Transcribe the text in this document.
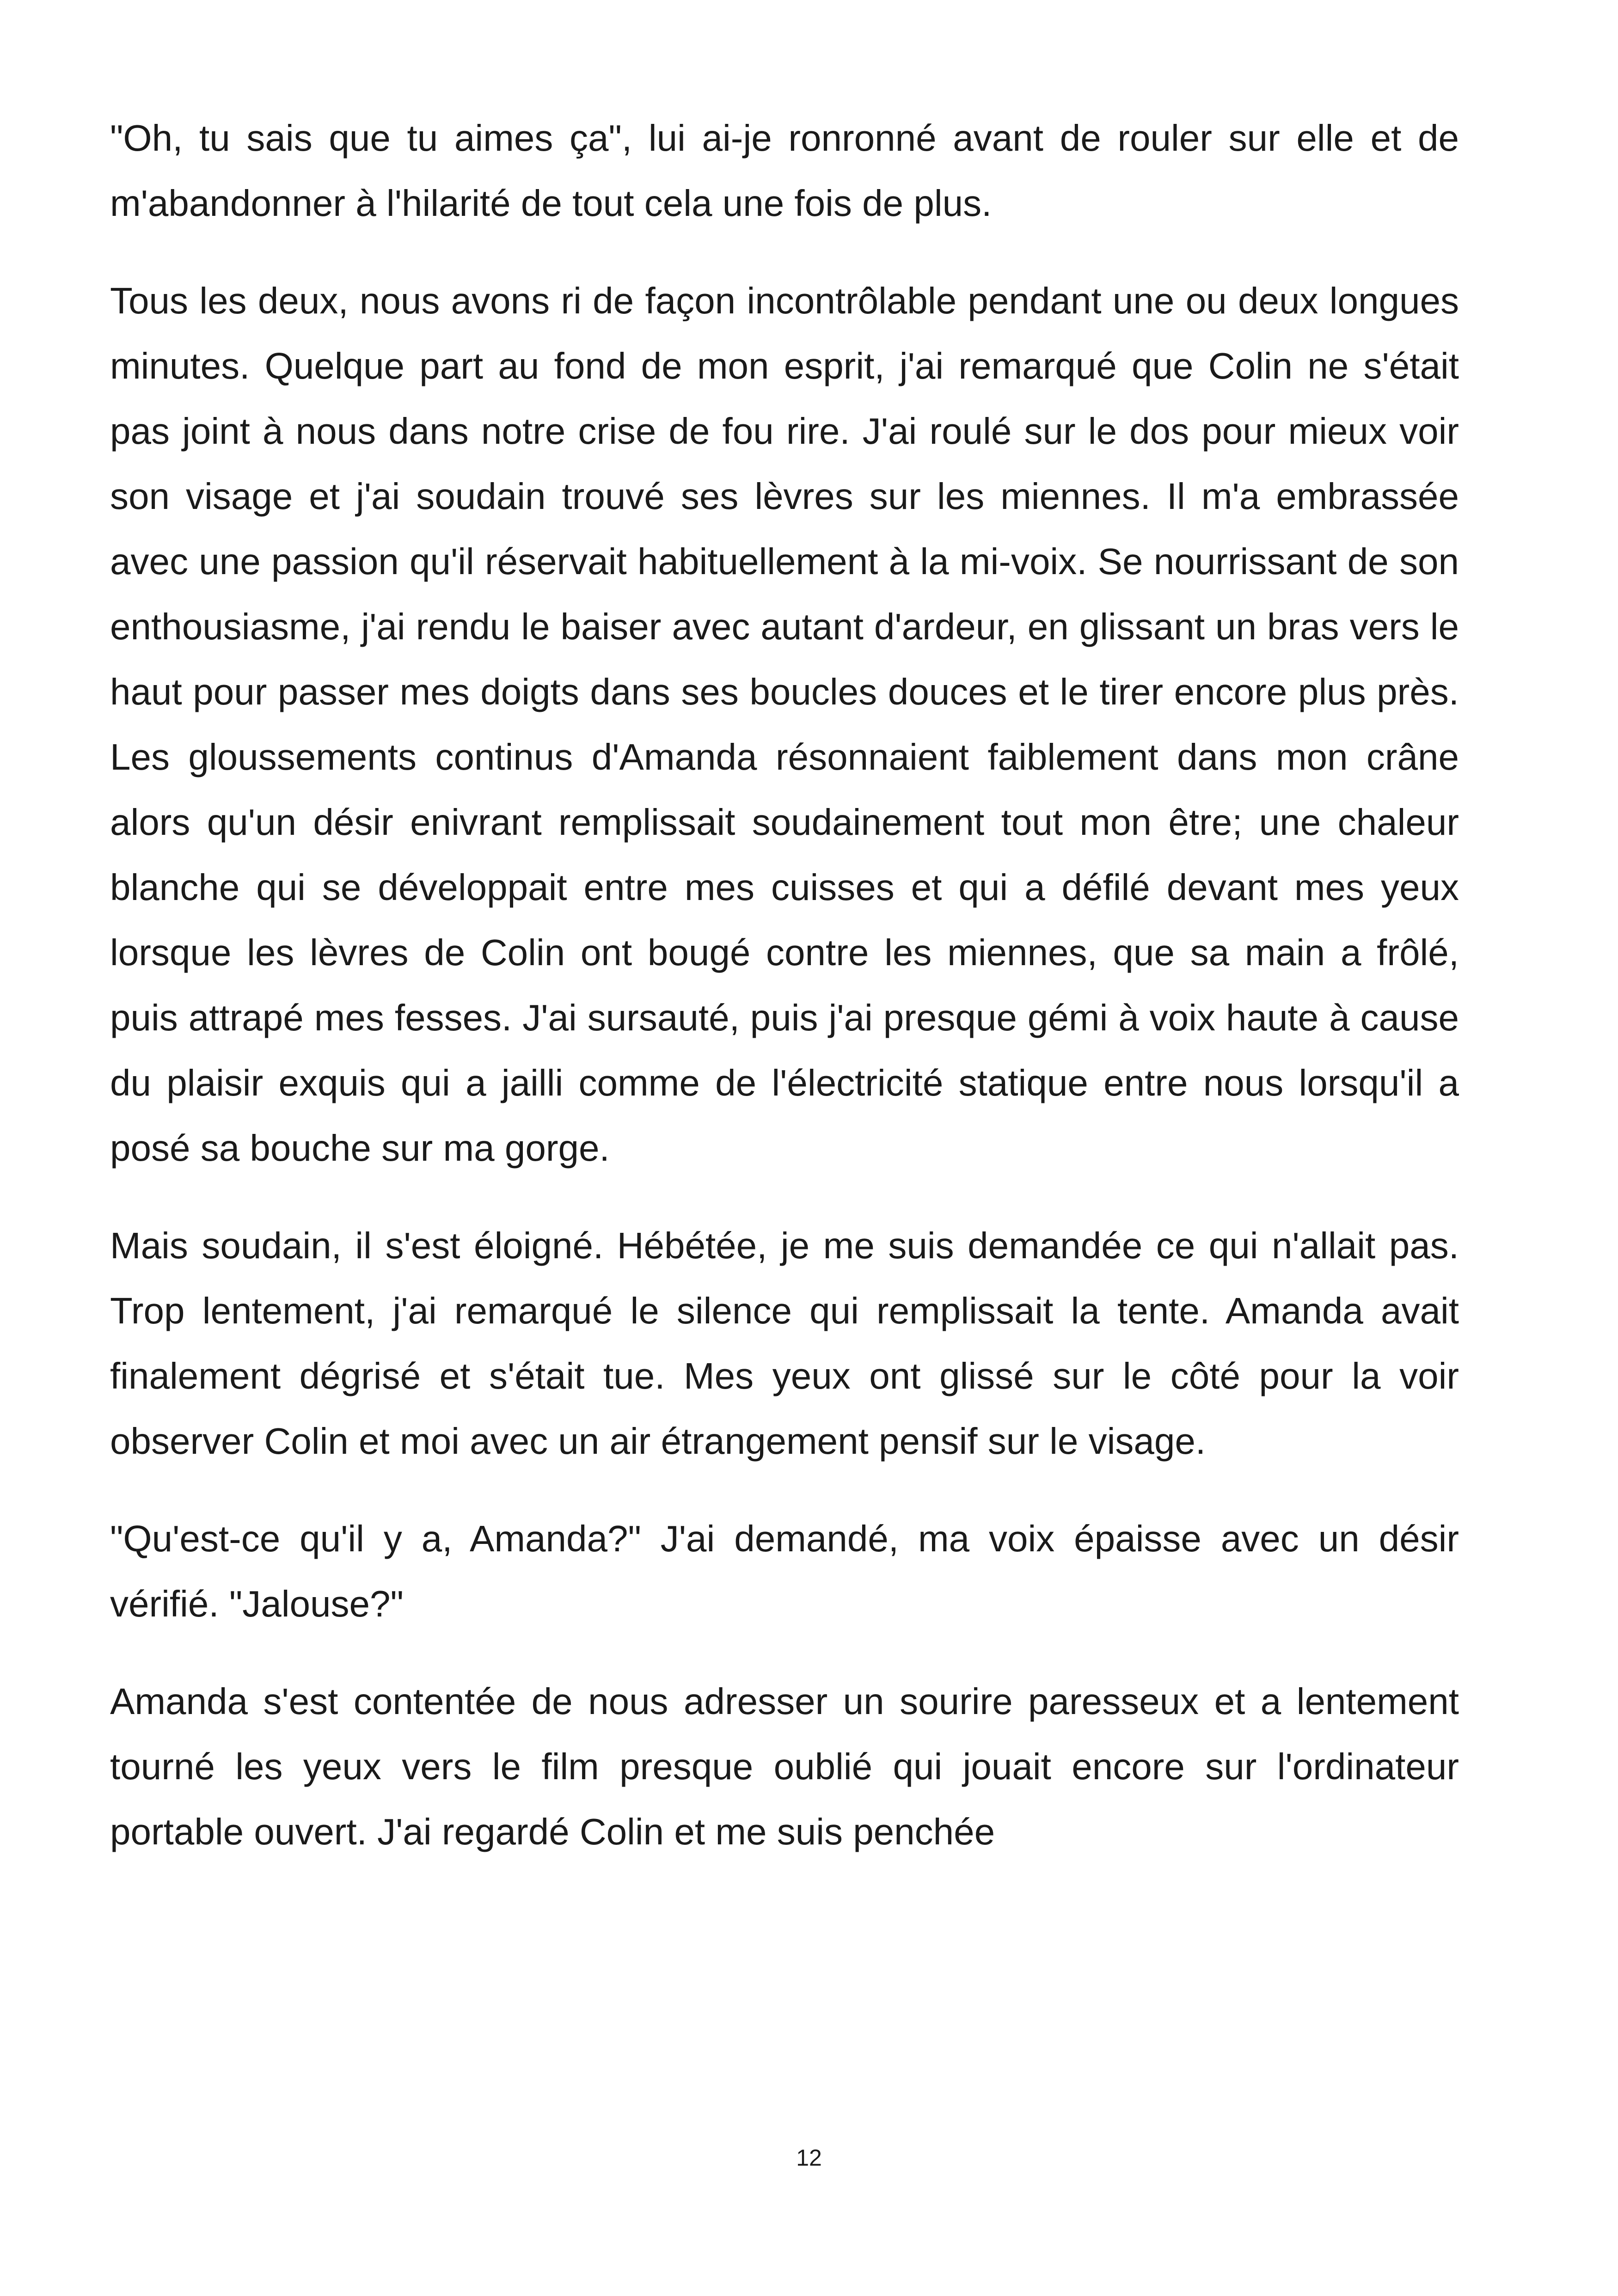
"Oh, tu sais que tu aimes ça", lui ai-je ronronné avant de rouler sur elle et de m'abandonner à l'hilarité de tout cela une fois de plus.

Tous les deux, nous avons ri de façon incontrôlable pendant une ou deux longues minutes. Quelque part au fond de mon esprit, j'ai remarqué que Colin ne s'était pas joint à nous dans notre crise de fou rire. J'ai roulé sur le dos pour mieux voir son visage et j'ai soudain trouvé ses lèvres sur les miennes. Il m'a embrassée avec une passion qu'il réservait habituellement à la mi-voix. Se nourrissant de son enthousiasme, j'ai rendu le baiser avec autant d'ardeur, en glissant un bras vers le haut pour passer mes doigts dans ses boucles douces et le tirer encore plus près. Les gloussements continus d'Amanda résonnaient faiblement dans mon crâne alors qu'un désir enivrant remplissait soudainement tout mon être; une chaleur blanche qui se développait entre mes cuisses et qui a défilé devant mes yeux lorsque les lèvres de Colin ont bougé contre les miennes, que sa main a frôlé, puis attrapé mes fesses. J'ai sursauté, puis j'ai presque gémi à voix haute à cause du plaisir exquis qui a jailli comme de l'électricité statique entre nous lorsqu'il a posé sa bouche sur ma gorge.

Mais soudain, il s'est éloigné. Hébétée, je me suis demandée ce qui n'allait pas. Trop lentement, j'ai remarqué le silence qui remplissait la tente. Amanda avait finalement dégrisé et s'était tue. Mes yeux ont glissé sur le côté pour la voir observer Colin et moi avec un air étrangement pensif sur le visage.

"Qu'est-ce qu'il y a, Amanda?" J'ai demandé, ma voix épaisse avec un désir vérifié. "Jalouse?"

Amanda s'est contentée de nous adresser un sourire paresseux et a lentement tourné les yeux vers le film presque oublié qui jouait encore sur l'ordinateur portable ouvert. J'ai regardé Colin et me suis penchée

12
